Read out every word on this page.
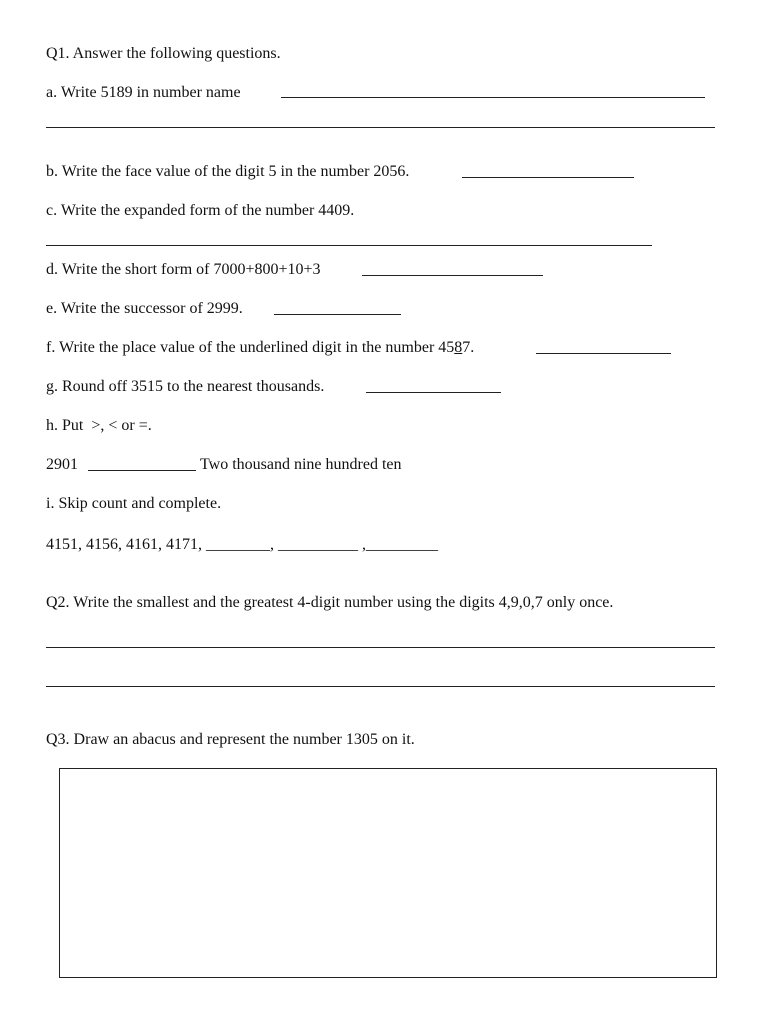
Q1. Answer the following questions.
a. Write 5189 in number name
b. Write the face value of the digit 5 in the number 2056.
c. Write the expanded form of the number 4409.
d. Write the short form of 7000+800+10+3
e. Write the successor of 2999.
f. Write the place value of the underlined digit in the number 4587.
g. Round off 3515 to the nearest thousands.
h. Put  >, < or =.
2901	Two thousand nine hundred ten
i. Skip count and complete.
4151, 4156, 4161, 4171, ________, __________ ,_________
Q2. Write the smallest and the greatest 4-digit number using the digits 4,9,0,7 only once.
Q3. Draw an abacus and represent the number 1305 on it.
